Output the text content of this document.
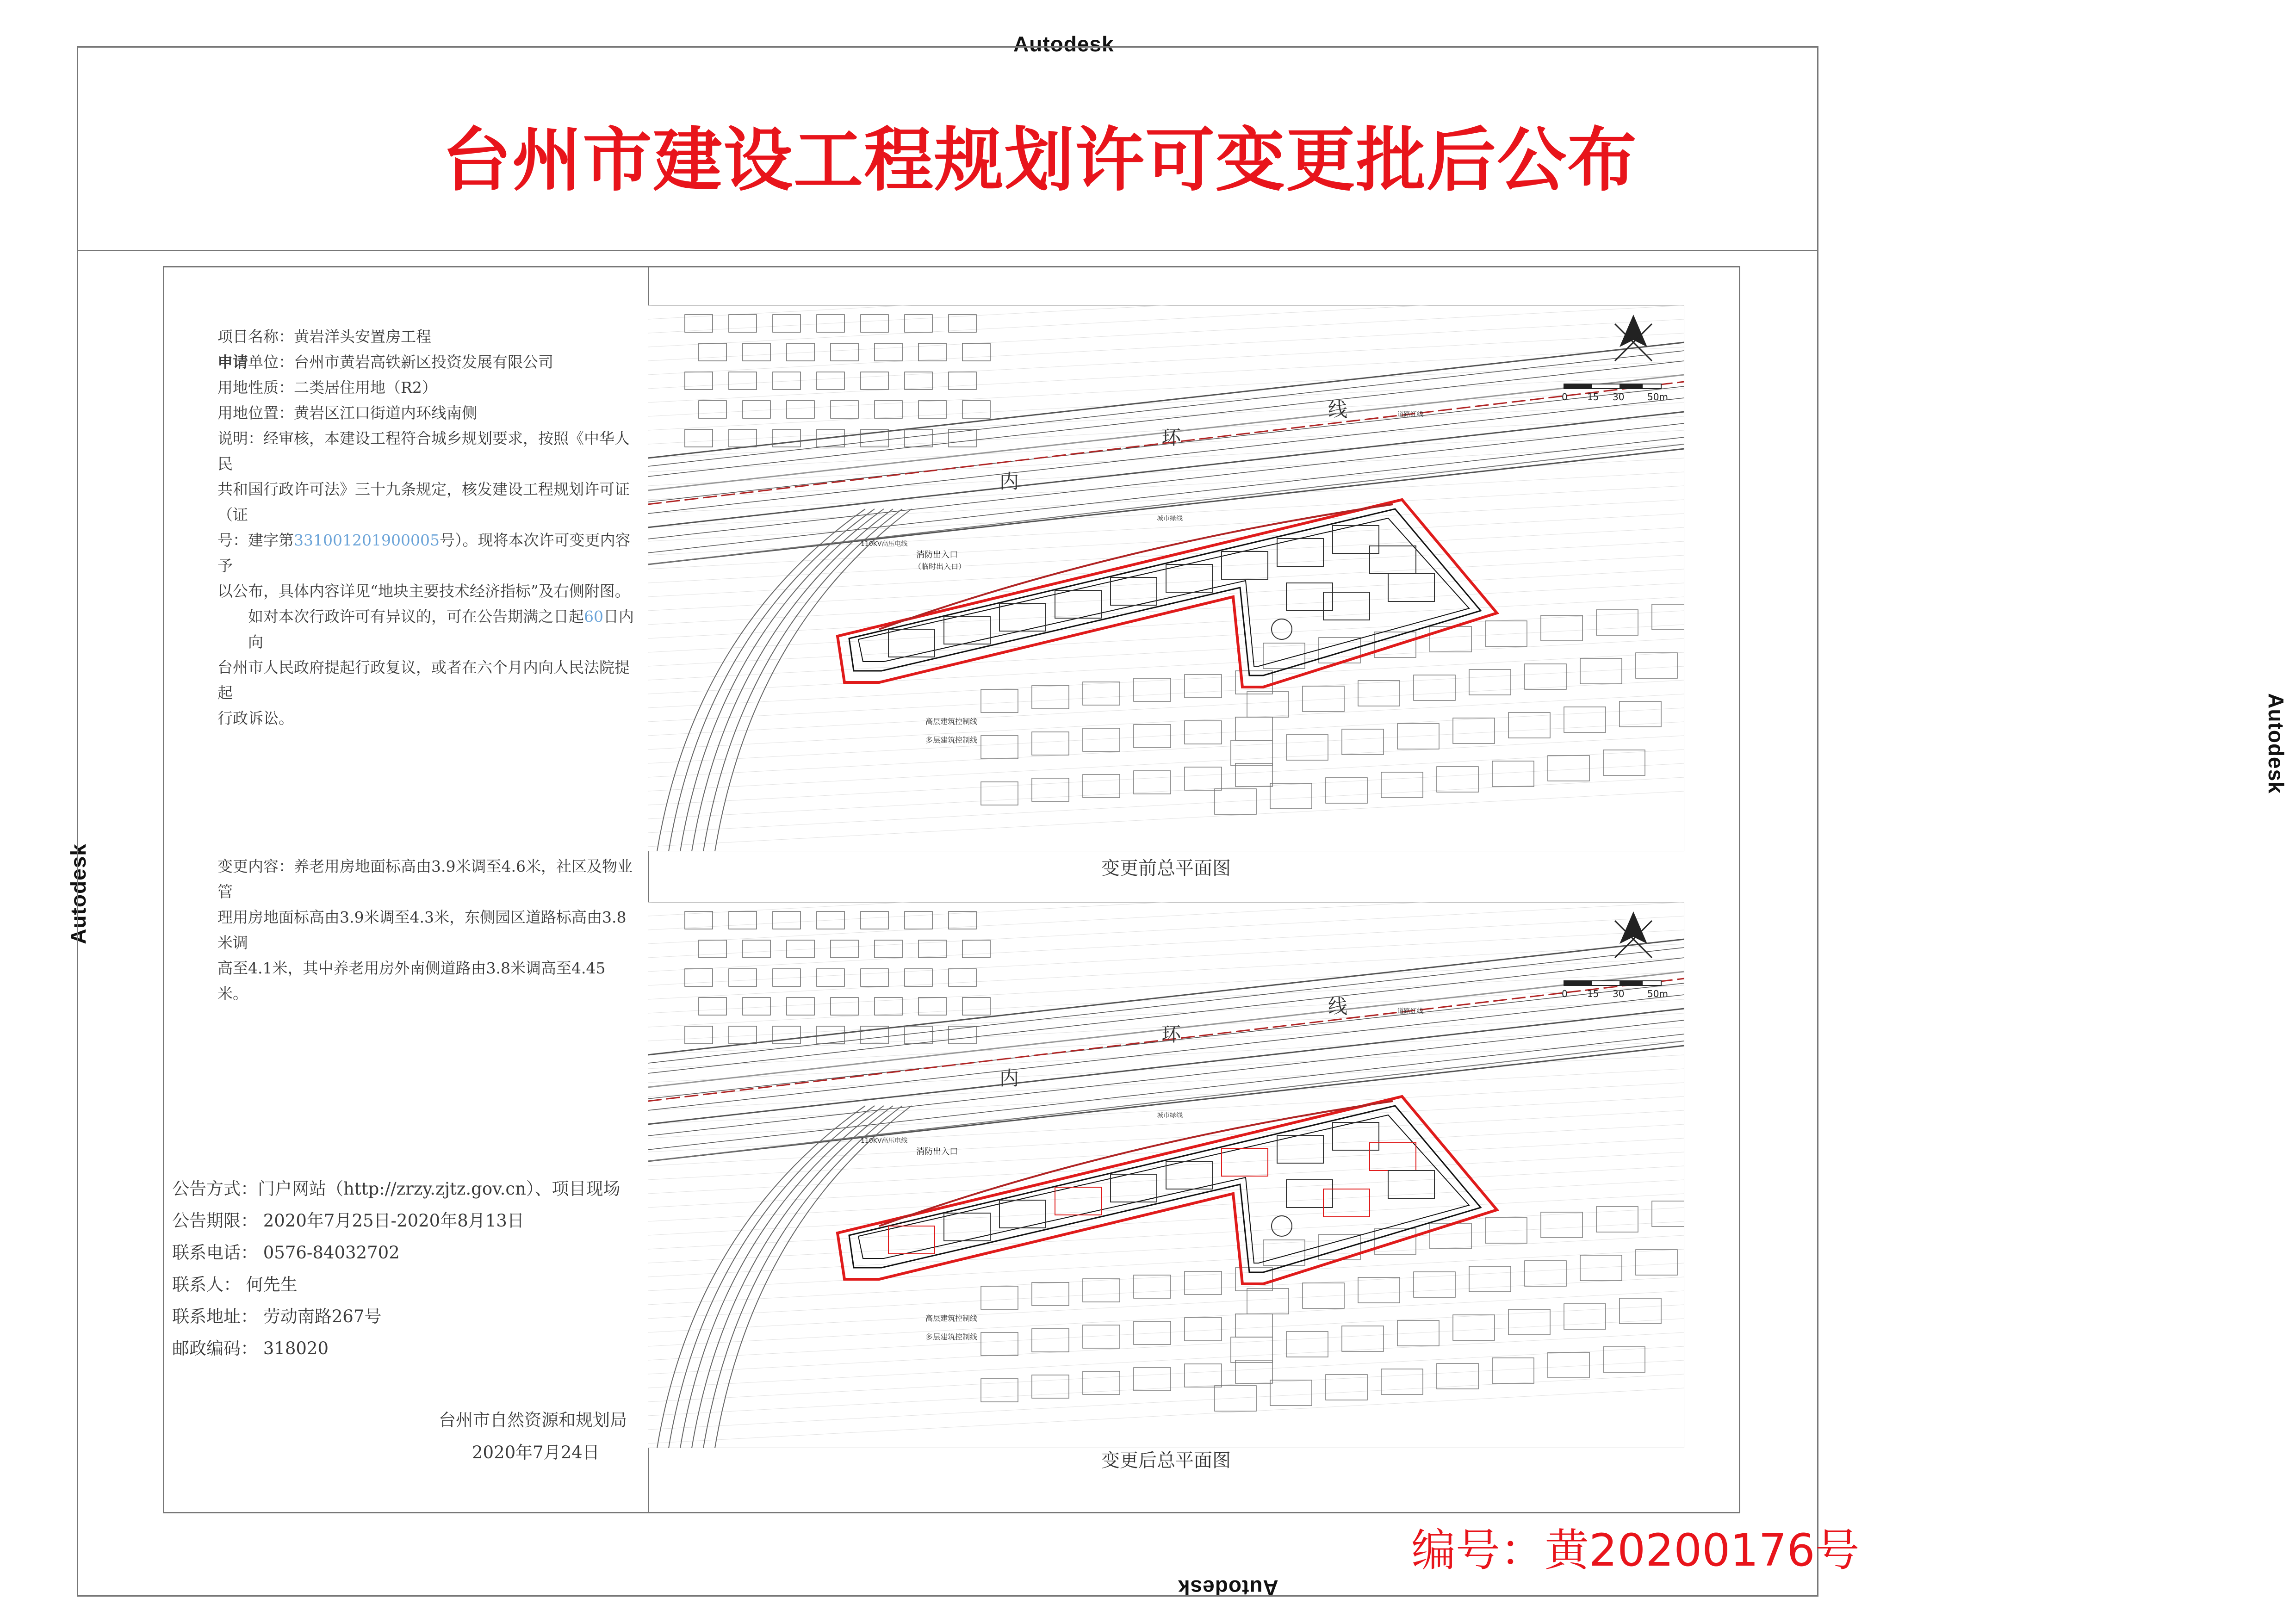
Autodesk
Autodesk
Autodesk
Autodesk
台州市建设工程规划许可变更批后公布
项目名称：黄岩洋头安置房工程
申请单位：台州市黄岩高铁新区投资发展有限公司
用地性质：二类居住用地（R2）
用地位置：黄岩区江口街道内环线南侧
说明：经审核，本建设工程符合城乡规划要求，按照《中华人民
共和国行政许可法》三十九条规定，核发建设工程规划许可证（证
号：建字第331001201900005号）。现将本次许可变更内容予
以公布，具体内容详见“地块主要技术经济指标”及右侧附图。
如对本次行政许可有异议的，可在公告期满之日起60日内向
台州市人民政府提起行政复议，或者在六个月内向人民法院提起
行政诉讼。
变更内容：养老用房地面标高由3.9米调至4.6米，社区及物业管
理用房地面标高由3.9米调至4.3米，东侧园区道路标高由3.8米调
高至4.1米，其中养老用房外南侧道路由3.8米调高至4.45米。
公告方式：门户网站（http://zrzy.zjtz.gov.cn）、项目现场
公告期限： 2020年7月25日-2020年8月13日
联系电话： 0576-84032702
联系人： 何先生
联系地址： 劳动南路267号
邮政编码： 318020
台州市自然资源和规划局
2020年7月24日
变更前总平面图
变更后总平面图
编号：黄20200176号
内
环
线
消防出入口
（临时出入口）
110KV高压电线
城市绿线
高层建筑控制线
多层建筑控制线
道路红线
0 15 30 50m
内
环
线
消防出入口
110KV高压电线
城市绿线
高层建筑控制线
多层建筑控制线
道路红线
0 15 30 50m
